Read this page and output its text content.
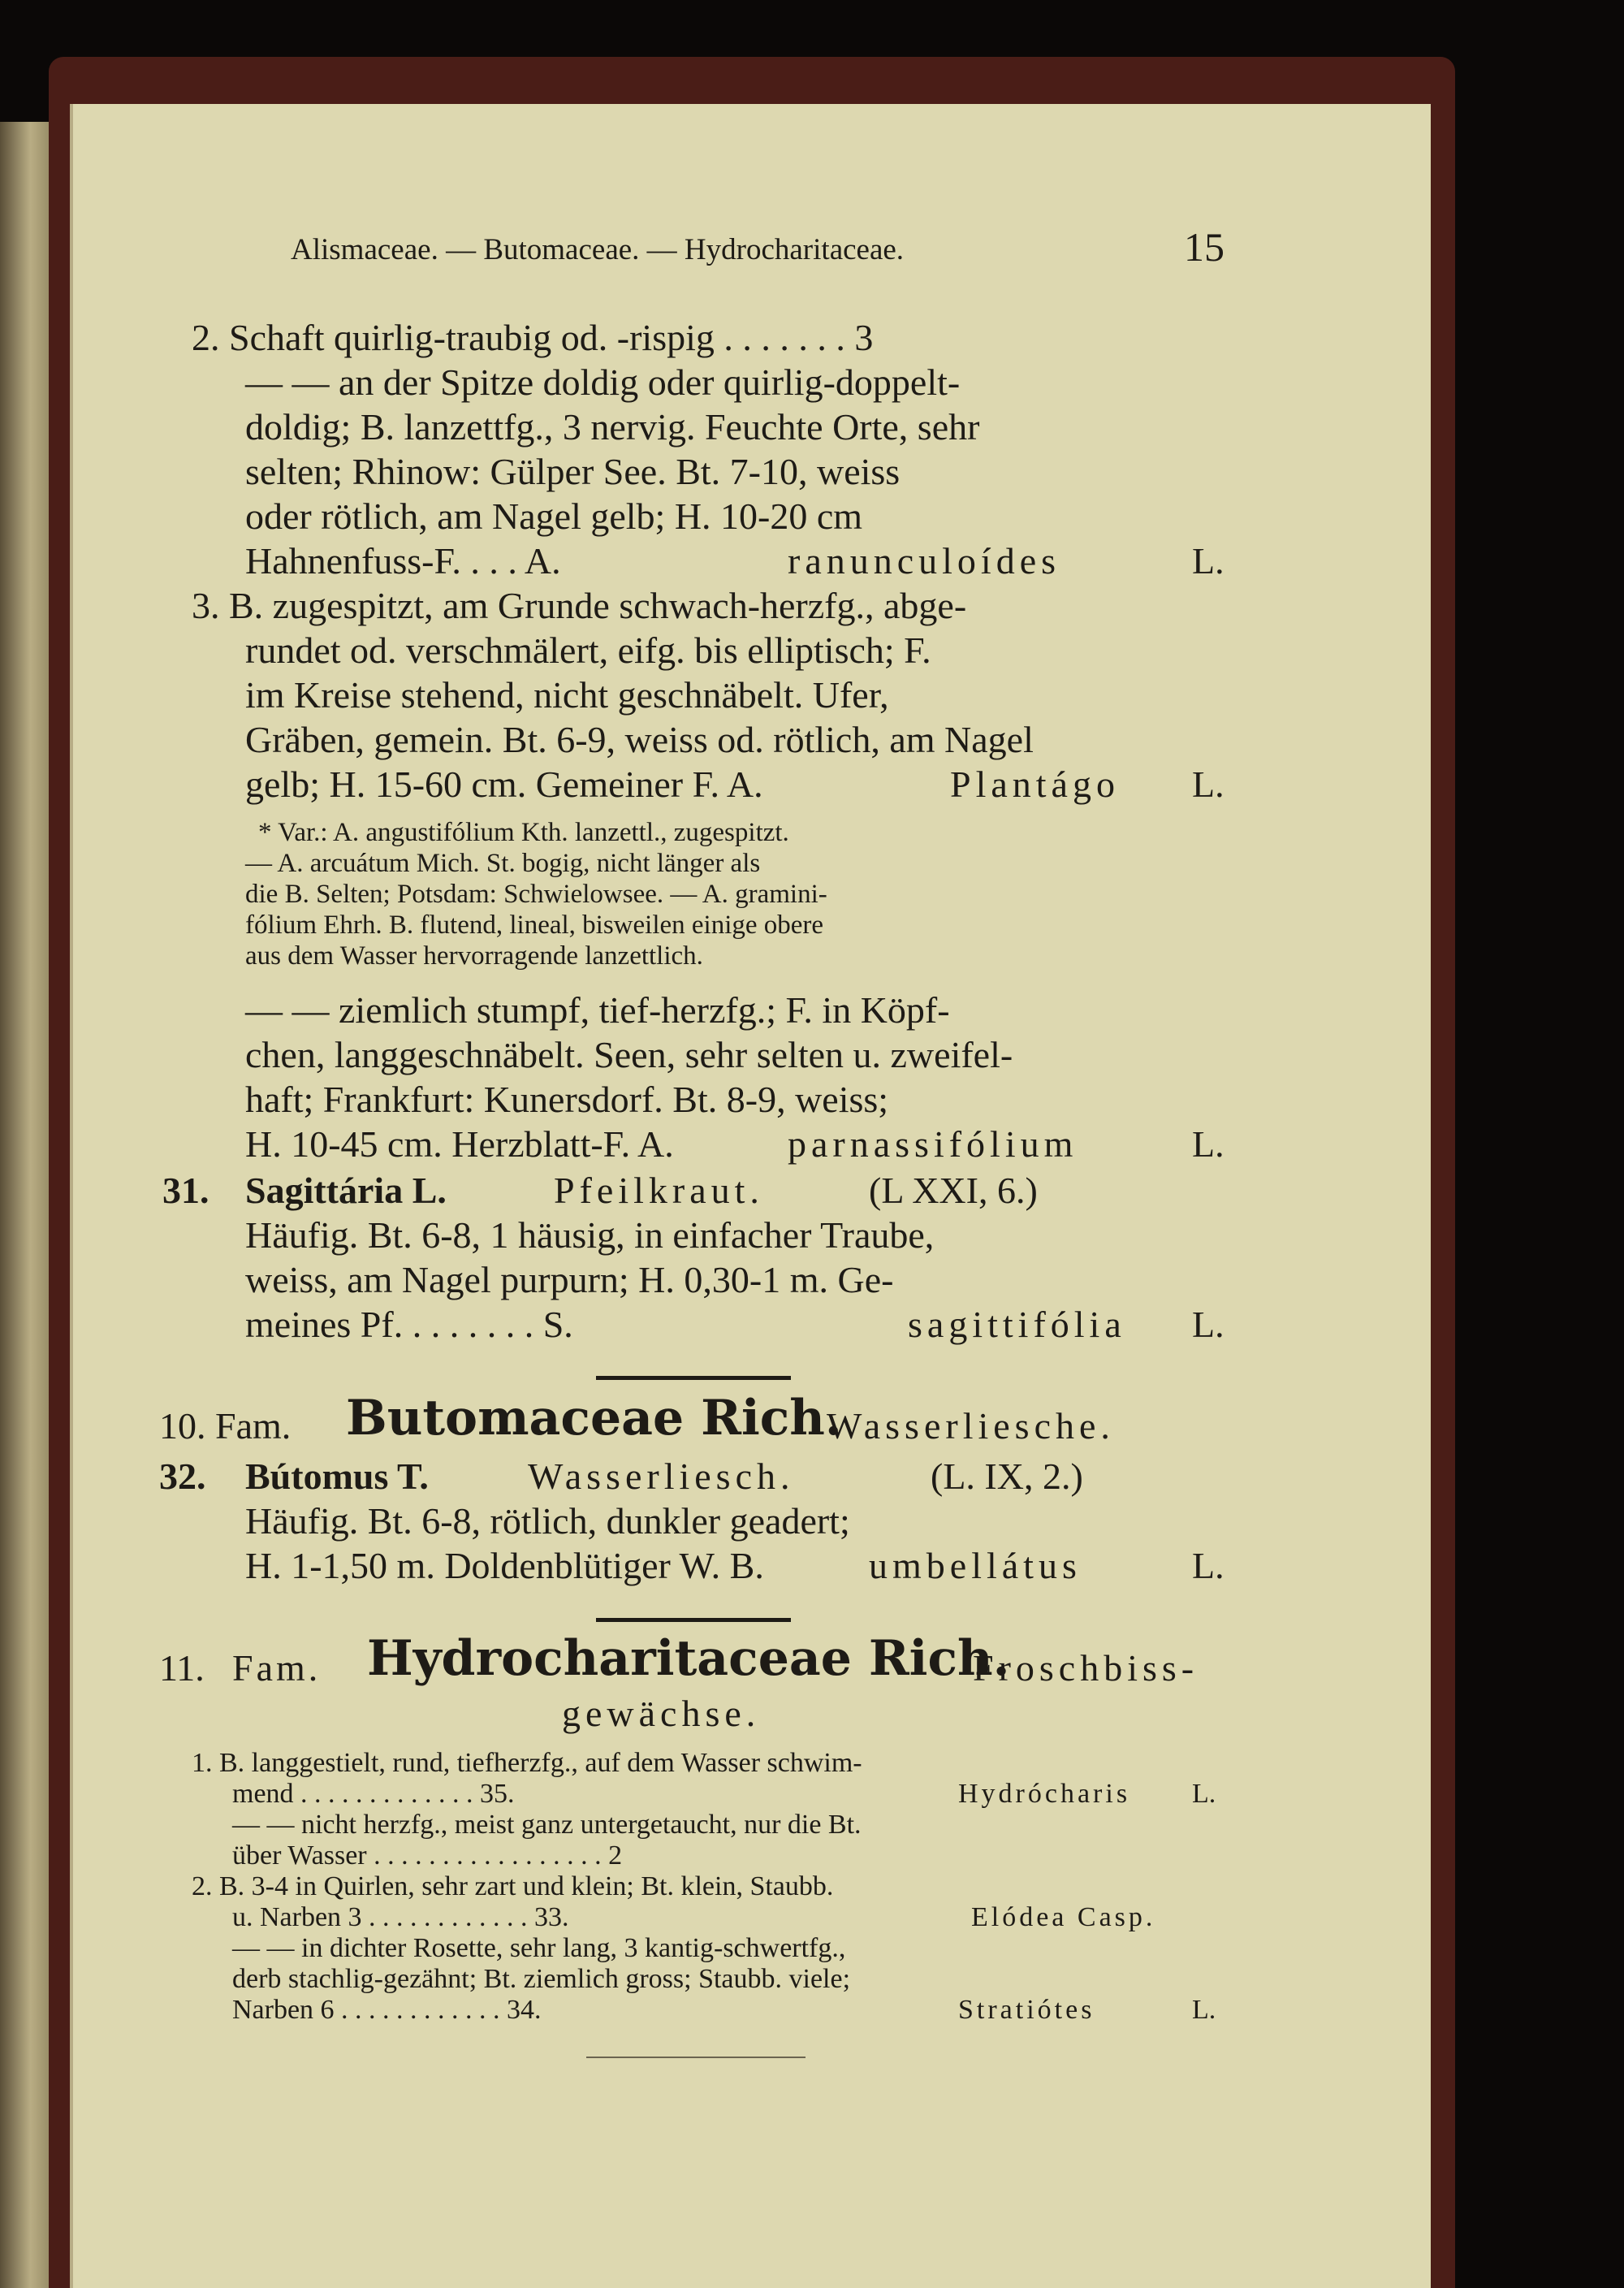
Alismaceae. — Butomaceae. — Hydrocharitaceae.	15
2. Schaft quirlig-traubig od. -rispig . . . . . . . 3
— — an der Spitze doldig oder quirlig-doppelt-
doldig; B. lanzettfg., 3 nervig. Feuchte Orte, sehr
selten; Rhinow: Gülper See. Bt. 7-10, weiss
oder rötlich, am Nagel gelb; H. 10-20 cm
Hahnenfuss-F. . . . A.	ranunculoídes	L.
3. B. zugespitzt, am Grunde schwach-herzfg., abge-
rundet od. verschmälert, eifg. bis elliptisch; F.
im Kreise stehend, nicht geschnäbelt. Ufer,
Gräben, gemein. Bt. 6-9, weiss od. rötlich, am Nagel
gelb; H. 15-60 cm. Gemeiner F. A.	Plantágo L.
* Var.: A. angustifólium Kth. lanzettl., zugespitzt.
— A. arcuátum Mich. St. bogig, nicht länger als
die B. Selten; Potsdam: Schwielowsee. — A. gramini-
fólium Ehrh. B. flutend, lineal, bisweilen einige obere
aus dem Wasser hervorragende lanzettlich.
— — ziemlich stumpf, tief-herzfg.; F. in Köpf-
chen, langgeschnäbelt. Seen, sehr selten u. zweifel-
haft; Frankfurt: Kunersdorf. Bt. 8-9, weiss;
H. 10-45 cm. Herzblatt-F. A.	parnassifólium	L.
31. Sagittária L.	Pfeilkraut.	(L XXI, 6.)
Häufig. Bt. 6-8, 1 häusig, in einfacher Traube,
weiss, am Nagel purpurn; H. 0,30-1 m. Ge-
meines Pf. . . . . . . . S.	sagittifólia L.
10. Fam. Butomaceae Rich.
Wasserliesche.
32. Bútomus T.	Wasserliesch.	(L. IX, 2.)
Häufig. Bt. 6-8, rötlich, dunkler geadert;
H. 1-1,50 m. Doldenblütiger W. B.	umbellátus	L.
11. Fam. Hydrocharitaceae Rich.
Froschbiss-
gewächse.
1. B. langgestielt, rund, tiefherzfg., auf dem Wasser schwim-
mend . . . . . . . . . . . . . 35.	Hydrócharis L.
— — nicht herzfg., meist ganz untergetaucht, nur die Bt.
über Wasser . . . . . . . . . . . . . . . . . 2
2. B. 3-4 in Quirlen, sehr zart und klein; Bt. klein, Staubb.
u. Narben 3 . . . . . . . . . . . . 33.	Elódea Casp.
— — in dichter Rosette, sehr lang, 3 kantig-schwertfg.,
derb stachlig-gezähnt; Bt. ziemlich gross; Staubb. viele;
Narben 6 . . . . . . . . . . . . 34.	Stratiótes	L.
